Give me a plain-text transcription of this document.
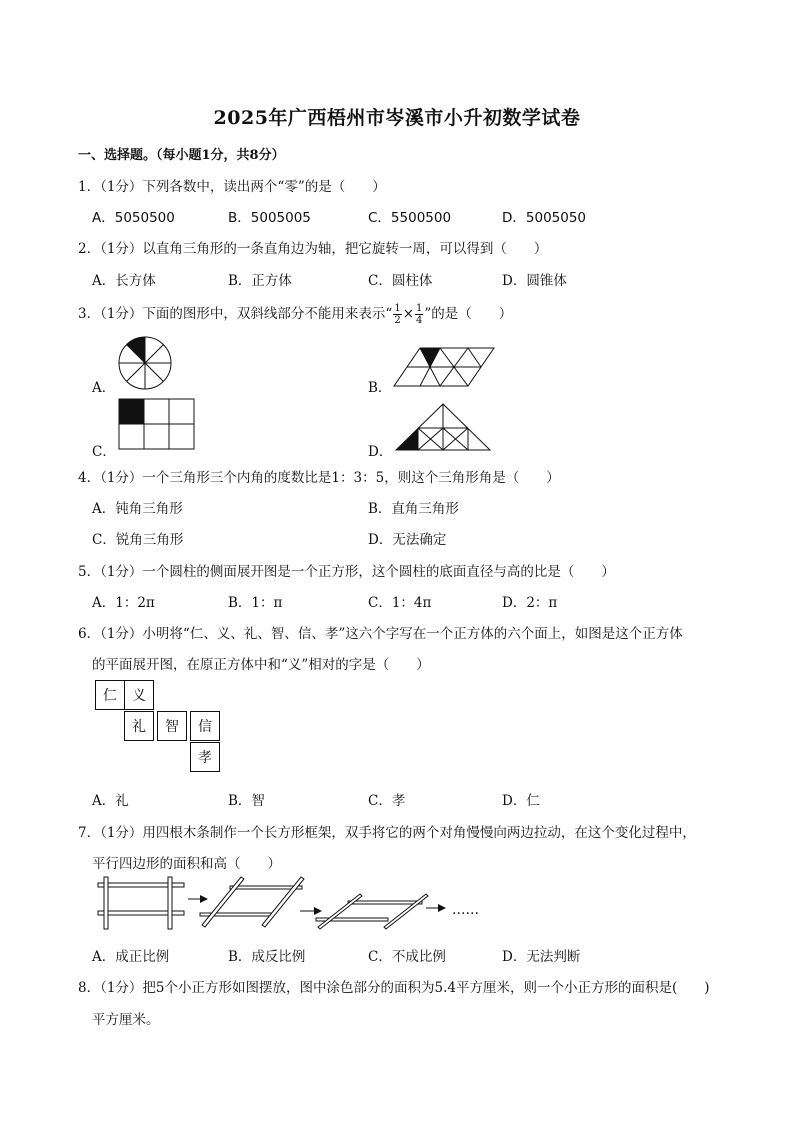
2025年广西梧州市岑溪市小升初数学试卷
一、选择题。（每小题1分，共8分）
1．（1分）下列各数中，读出两个“零”的是（　　）
A．5050500	B．5005005	C．5500500	D．5005050
2．（1分）以直角三角形的一条直角边为轴，把它旋转一周，可以得到（　　）
A．长方体	B．正方体	C．圆柱体	D．圆锥体
3．（1分）下面的图形中，双斜线部分不能用来表示“ $\frac{1}{2} \times \frac{1}{4}$ ”的是（　　）
A．	B．
C．	D．
4．（1分）一个三角形三个内角的度数比是1：3：5，则这个三角形角是（　　）
A．钝角三角形	B．直角三角形
C．锐角三角形	D．无法确定
5．（1分）一个圆柱的侧面展开图是一个正方形，这个圆柱的底面直径与高的比是（　　）
A．1：2π	B．1：π	C．1：4π	D．2：π
6．（1分）小明将“仁、义、礼、智、信、孝”这六个字写在一个正方体的六个面上，如图是这个正方体
的平面展开图，在原正方体中和“义”相对的字是（　　）
仁	义
礼	智	信
孝
A．礼	B．智	C．孝	D．仁
7．（1分）用四根木条制作一个长方形框架，双手将它的两个对角慢慢向两边拉动，在这个变化过程中，
平行四边形的面积和高（　　）
……
A．成正比例	B．成反比例	C．不成比例	D．无法判断
8．（1分）把5个小正方形如图摆放，图中涂色部分的面积为5.4平方厘米，则一个小正方形的面积是(　　)
平方厘米。
